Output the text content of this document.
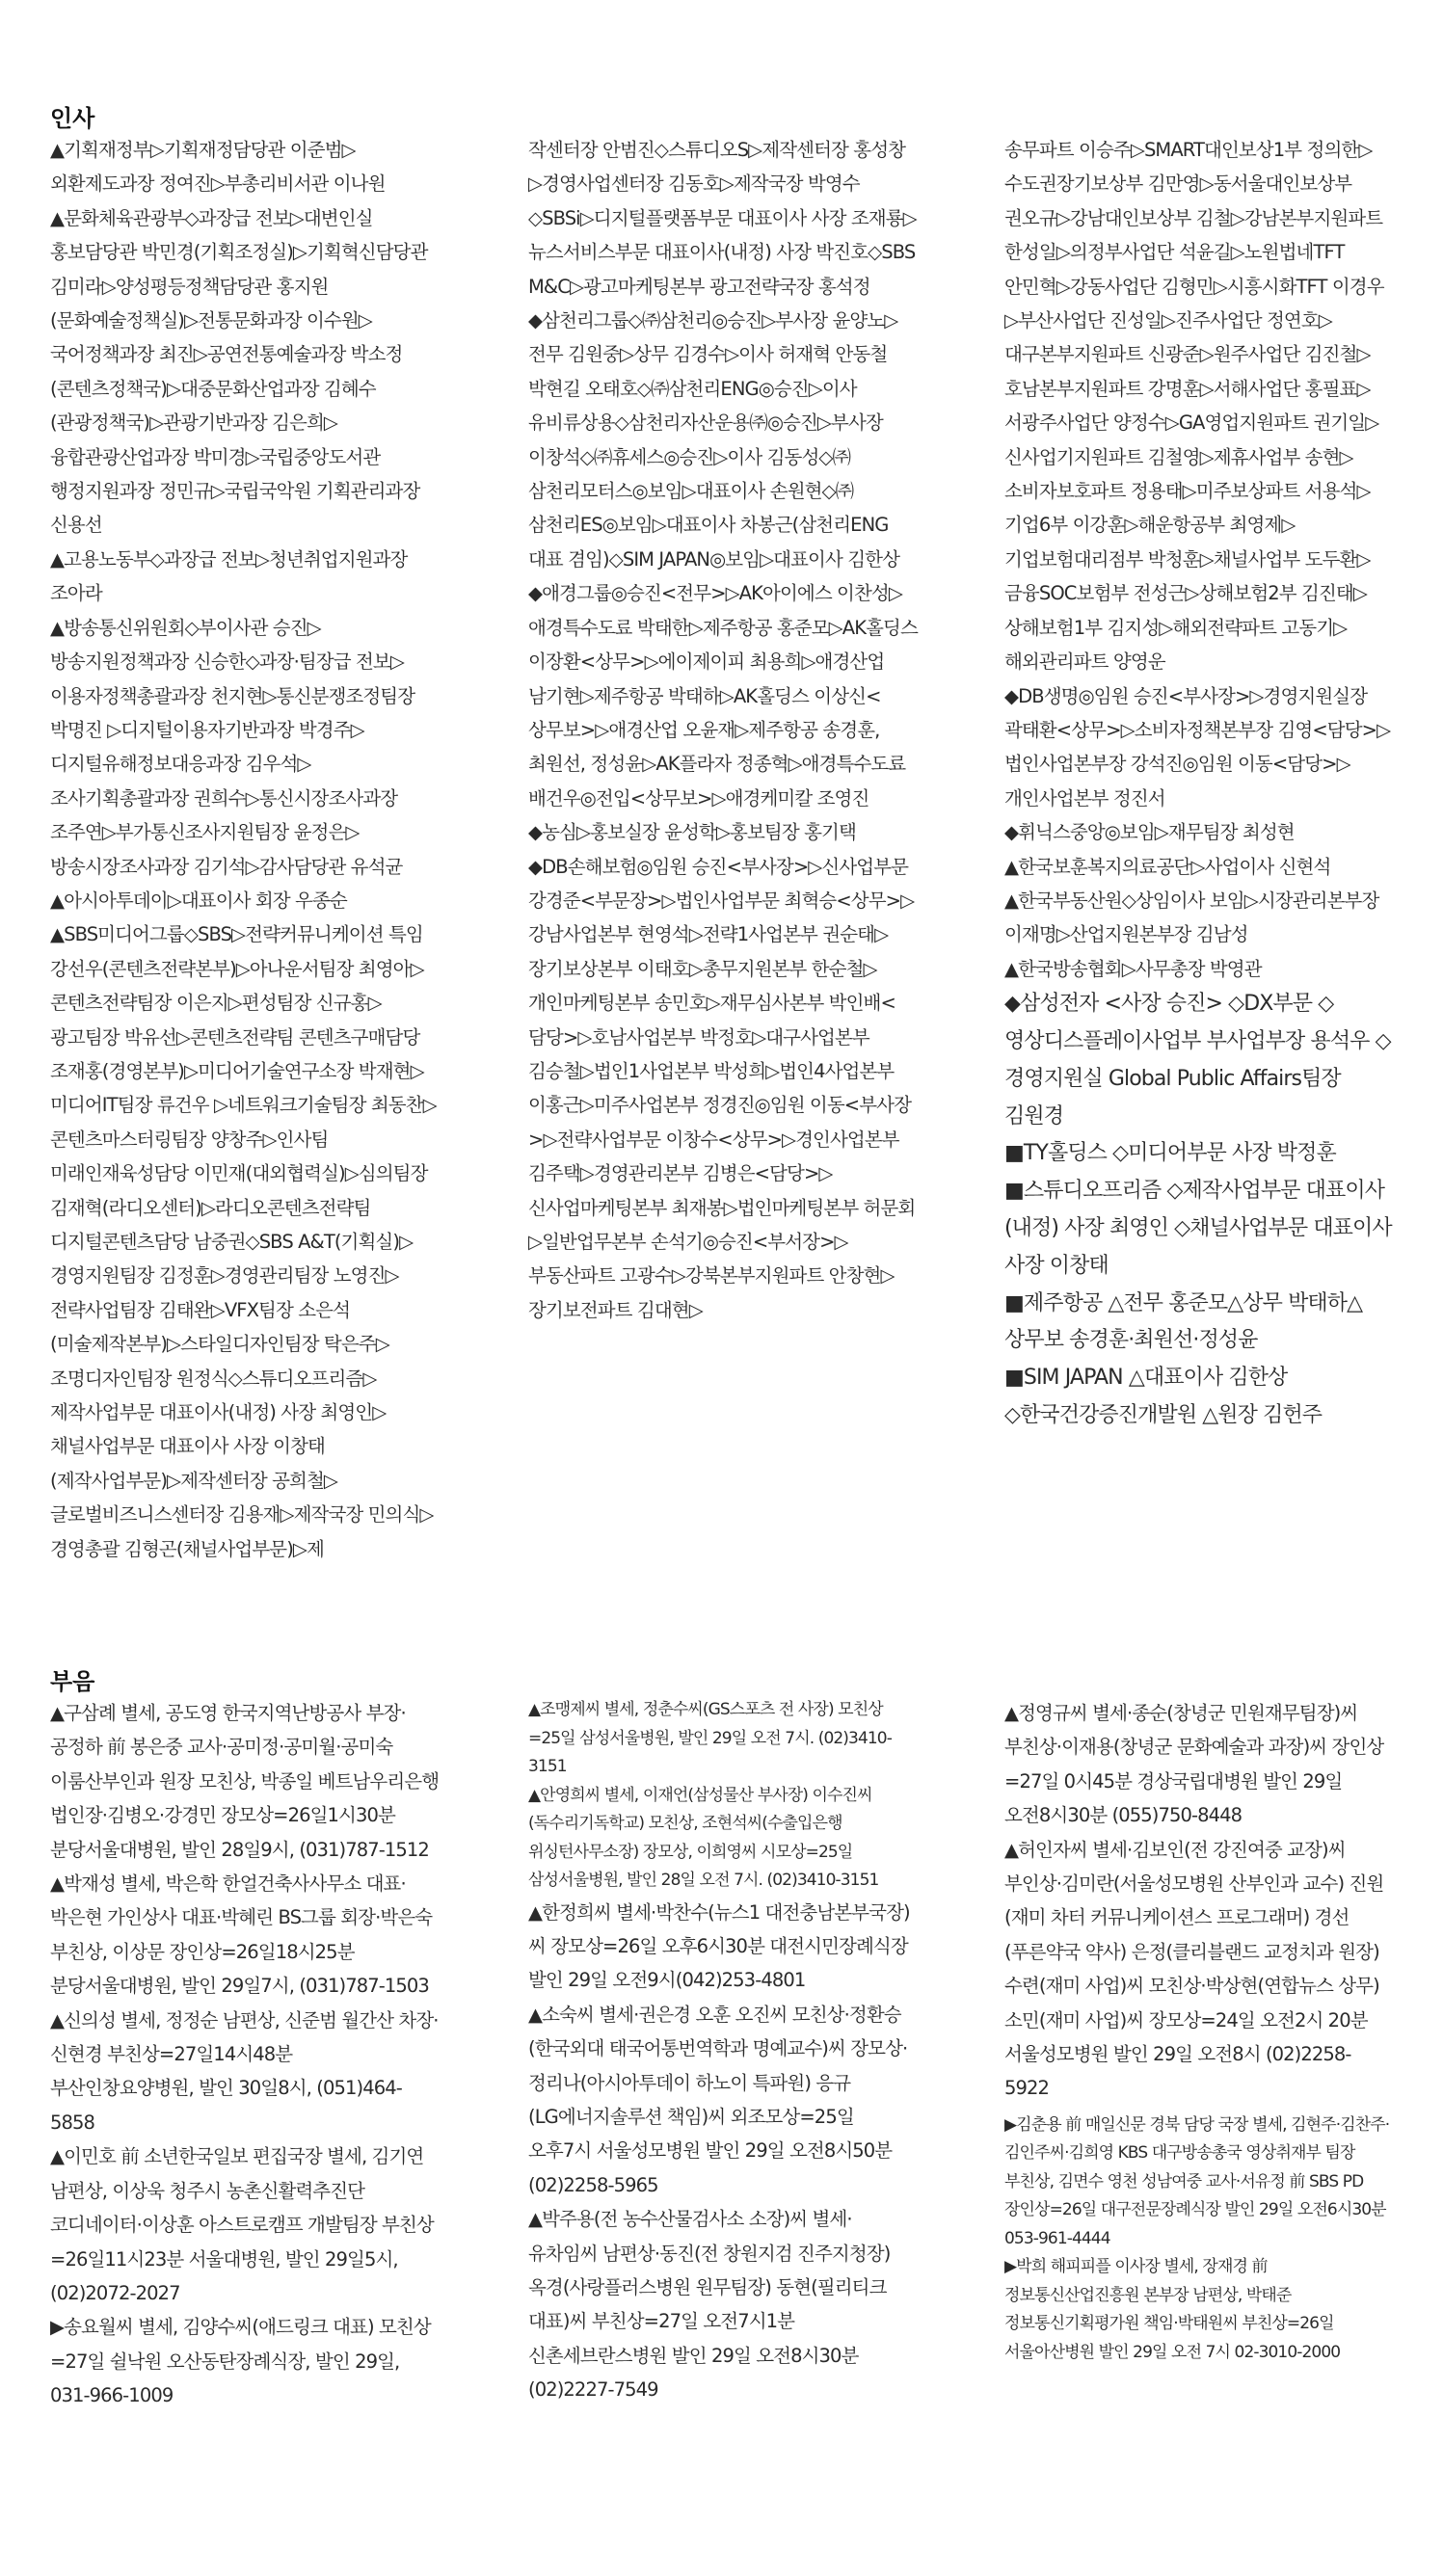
인사

▲기획재정부▷기획재정담당관 이준범▷외환제도과장 정여진▷부총리비서관 이나원

▲문화체육관광부◇과장급 전보▷대변인실 홍보담당관 박민경(기획조정실)▷기획혁신담당관 김미라▷양성평등정책담당관 홍지원(문화예술정책실)▷전통문화과장 이수원▷국어정책과장 최진▷공연전통예술과장 박소정(콘텐츠정책국)▷대중문화산업과장 김혜수(관광정책국)▷관광기반과장 김은희▷융합관광산업과장 박미경▷국립중앙도서관 행정지원과장 정민규▷국립국악원 기획관리과장 신용선

▲고용노동부◇과장급 전보▷청년취업지원과장 조아라

▲방송통신위원회◇부이사관 승진▷방송지원정책과장 신승한◇과장·팀장급 전보▷이용자정책총괄과장 천지현▷통신분쟁조정팀장 박명진 ▷디지털이용자기반과장 박경주▷디지털유해정보대응과장 김우석▷조사기획총괄과장 권희수▷통신시장조사과장 조주연▷부가통신조사지원팀장 윤정은▷방송시장조사과장 김기석▷감사담당관 유석균

▲아시아투데이▷대표이사 회장 우종순

▲SBS미디어그룹◇SBS▷전략커뮤니케이션 특임 강선우(콘텐츠전략본부)▷아나운서팀장 최영아▷콘텐츠전략팀장 이은지▷편성팀장 신규홍▷광고팀장 박유선▷콘텐츠전략팀 콘텐츠구매담당 조재홍(경영본부)▷미디어기술연구소장 박재현▷미디어IT팀장 류건우 ▷네트워크기술팀장 최동찬▷콘텐츠마스터링팀장 양창주▷인사팀 미래인재육성담당 이민재(대외협력실)▷심의팀장 김재혁(라디오센터)▷라디오콘텐츠전략팀 디지털콘텐츠담당 남중권◇SBS A&T(기획실)▷경영지원팀장 김정훈▷경영관리팀장 노영진▷전략사업팀장 김태완▷VFX팀장 소은석(미술제작본부)▷스타일디자인팀장 탁은주▷조명디자인팀장 원정식◇스튜디오프리즘▷제작사업부문 대표이사(내정) 사장 최영인▷채널사업부문 대표이사 사장 이창태(제작사업부문)▷제작센터장 공희철▷글로벌비즈니스센터장 김용재▷제작국장 민의식▷경영총괄 김형곤(채널사업부문)▷제

작센터장 안범진◇스튜디오S▷제작센터장 홍성창▷경영사업센터장 김동호▷제작국장 박영수◇SBSi▷디지털플랫폼부문 대표이사 사장 조재룡▷뉴스서비스부문 대표이사(내정) 사장 박진호◇SBS M&C▷광고마케팅본부 광고전략국장 홍석정

◆삼천리그룹◇㈜삼천리◎승진▷부사장 윤양노▷전무 김원중▷상무 김경수▷이사 허재혁 안동철 박현길 오태호◇㈜삼천리ENG◎승진▷이사 유비류상용◇삼천리자산운용㈜◎승진▷부사장 이창석◇㈜휴세스◎승진▷이사 김동성◇㈜삼천리모터스◎보임▷대표이사 손원현◇㈜삼천리ES◎보임▷대표이사 차봉근(삼천리ENG 대표 겸임)◇SIM JAPAN◎보임▷대표이사 김한상

◆애경그룹◎승진<전무>▷AK아이에스 이찬성▷애경특수도료 박태한▷제주항공 홍준모▷AK홀딩스 이장환<상무>▷에이제이피 최용희▷애경산업 남기현▷제주항공 박태하▷AK홀딩스 이상신<상무보>▷애경산업 오윤재▷제주항공 송경훈, 최원선, 정성윤▷AK플라자 정종혁▷애경특수도료 배건우◎전입<상무보>▷애경케미칼 조영진

◆농심▷홍보실장 윤성학▷홍보팀장 홍기택

◆DB손해보험◎임원 승진<부사장>▷신사업부문 강경준<부문장>▷법인사업부문 최혁승<상무>▷강남사업본부 현영석▷전략1사업본부 권순태▷장기보상본부 이태호▷총무지원본부 한순철▷개인마케팅본부 송민호▷재무심사본부 박인배<담당>▷호남사업본부 박정호▷대구사업본부 김승철▷법인1사업본부 박성희▷법인4사업본부 이홍근▷미주사업본부 정경진◎임원 이동<부사장>▷전략사업부문 이창수<상무>▷경인사업본부 김주택▷경영관리본부 김병은<담당>▷신사업마케팅본부 최재봉▷법인마케팅본부 허문회▷일반업무본부 손석기◎승진<부서장>▷부동산파트 고광수▷강북본부지원파트 안창현▷장기보전파트 김대현▷

송무파트 이승주▷SMART대인보상1부 정의한▷수도권장기보상부 김만영▷동서울대인보상부 권오규▷강남대인보상부 김철▷강남본부지원파트 한성일▷의정부사업단 석윤길▷노원법네TFT 안민혁▷강동사업단 김형민▷시흥시화TFT 이경우▷부산사업단 진성일▷진주사업단 정연호▷대구본부지원파트 신광준▷원주사업단 김진철▷호남본부지원파트 강명훈▷서해사업단 홍필표▷서광주사업단 양정수▷GA영업지원파트 권기일▷신사업기지원파트 김철영▷제휴사업부 송현▷소비자보호파트 정용태▷미주보상파트 서용석▷기업6부 이강훈▷해운항공부 최영제▷기업보험대리점부 박청훈▷채널사업부 도두환▷금융SOC보험부 전성근▷상해보험2부 김진태▷상해보험1부 김지성▷해외전략파트 고동기▷해외관리파트 양영운

◆DB생명◎임원 승진<부사장>▷경영지원실장 곽태환<상무>▷소비자정책본부장 김영<담당>▷법인사업본부장 강석진◎임원 이동<담당>▷개인사업본부 정진서

◆휘닉스중앙◎보임▷재무팀장 최성현

▲한국보훈복지의료공단▷사업이사 신현석

▲한국부동산원◇상임이사 보임▷시장관리본부장 이재명▷산업지원본부장 김남성

▲한국방송협회▷사무총장 박영관

◆삼성전자 <사장 승진> ◇DX부문 ◇영상디스플레이사업부 부사업부장 용석우 ◇경영지원실 Global Public Affairs팀장 김원경

■TY홀딩스 ◇미디어부문 사장 박정훈

■스튜디오프리즘 ◇제작사업부문 대표이사(내정) 사장 최영인 ◇채널사업부문 대표이사 사장 이창태

■제주항공 △전무 홍준모△상무 박태하△상무보 송경훈·최원선·정성윤

■SIM JAPAN △대표이사 김한상

◇한국건강증진개발원 △원장 김헌주

부음

▲구삼례 별세, 공도영 한국지역난방공사 부장·공정하 前 봉은중 교사·공미정·공미월·공미숙 이룸산부인과 원장 모친상, 박종일 베트남우리은행 법인장·김병오·강경민 장모상=26일1시30분 분당서울대병원, 발인 28일9시, (031)787-1512

▲박재성 별세, 박은학 한얼건축사사무소 대표·박은현 가인상사 대표·박혜린 BS그룹 회장·박은숙 부친상, 이상문 장인상=26일18시25분 분당서울대병원, 발인 29일7시, (031)787-1503

▲신의성 별세, 정정순 남편상, 신준범 월간산 차장·신현경 부친상=27일14시48분 부산인창요양병원, 발인 30일8시, (051)464-5858

▲이민호 前 소년한국일보 편집국장 별세, 김기연 남편상, 이상욱 청주시 농촌신활력추진단 코디네이터·이상훈 아스트로캠프 개발팀장 부친상=26일11시23분 서울대병원, 발인 29일5시, (02)2072-2027

▶송요월씨 별세, 김양수씨(애드링크 대표) 모친상=27일 쉴낙원 오산동탄장례식장, 발인 29일, 031-966-1009

▲조맹제씨 별세, 정춘수씨(GS스포츠 전 사장) 모친상=25일 삼성서울병원, 발인 29일 오전 7시. (02)3410-3151

▲안영희씨 별세, 이재언(삼성물산 부사장) 이수진씨(독수리기독학교) 모친상, 조현석씨(수출입은행 위싱턴사무소장) 장모상, 이희영씨 시모상=25일 삼성서울병원, 발인 28일 오전 7시. (02)3410-3151

▲한정희씨 별세·박찬수(뉴스1 대전충남본부국장)씨 장모상=26일 오후6시30분 대전시민장례식장 발인 29일 오전9시(042)253-4801

▲소숙씨 별세·권은경 오훈 오진씨 모친상·정환승(한국외대 태국어통번역학과 명예교수)씨 장모상·정리나(아시아투데이 하노이 특파원) 응규(LG에너지솔루션 책임)씨 외조모상=25일 오후7시 서울성모병원 발인 29일 오전8시50분 (02)2258-5965

▲박주용(전 농수산물검사소 소장)씨 별세·유차임씨 남편상·동진(전 창원지검 진주지청장) 옥경(사랑플러스병원 원무팀장) 동현(필리티크 대표)씨 부친상=27일 오전7시1분 신촌세브란스병원 발인 29일 오전8시30분 (02)2227-7549

▲정영규씨 별세·종순(창녕군 민원재무팀장)씨 부친상·이재용(창녕군 문화예술과 과장)씨 장인상=27일 0시45분 경상국립대병원 발인 29일 오전8시30분 (055)750-8448

▲허인자씨 별세·김보인(전 강진여중 교장)씨 부인상·김미란(서울성모병원 산부인과 교수) 진원(재미 차터 커뮤니케이션스 프로그래머) 경선(푸른약국 약사) 은정(클리블랜드 교정치과 원장) 수련(재미 사업)씨 모친상·박상현(연합뉴스 상무) 소민(재미 사업)씨 장모상=24일 오전2시 20분 서울성모병원 발인 29일 오전8시 (02)2258-5922

▶김춘용 前 매일신문 경북 담당 국장 별세, 김현주·김찬주·김인주씨·김희영 KBS 대구방송총국 영상취재부 팀장 부친상, 김면수 영천 성남여중 교사·서유정 前 SBS PD 장인상=26일 대구전문장례식장 발인 29일 오전6시30분 053-961-4444

▶박희 해피피플 이사장 별세, 장재경 前 정보통신산업진흥원 본부장 남편상, 박태준 정보통신기획평가원 책임·박태원씨 부친상=26일 서울아산병원 발인 29일 오전 7시 02-3010-2000
